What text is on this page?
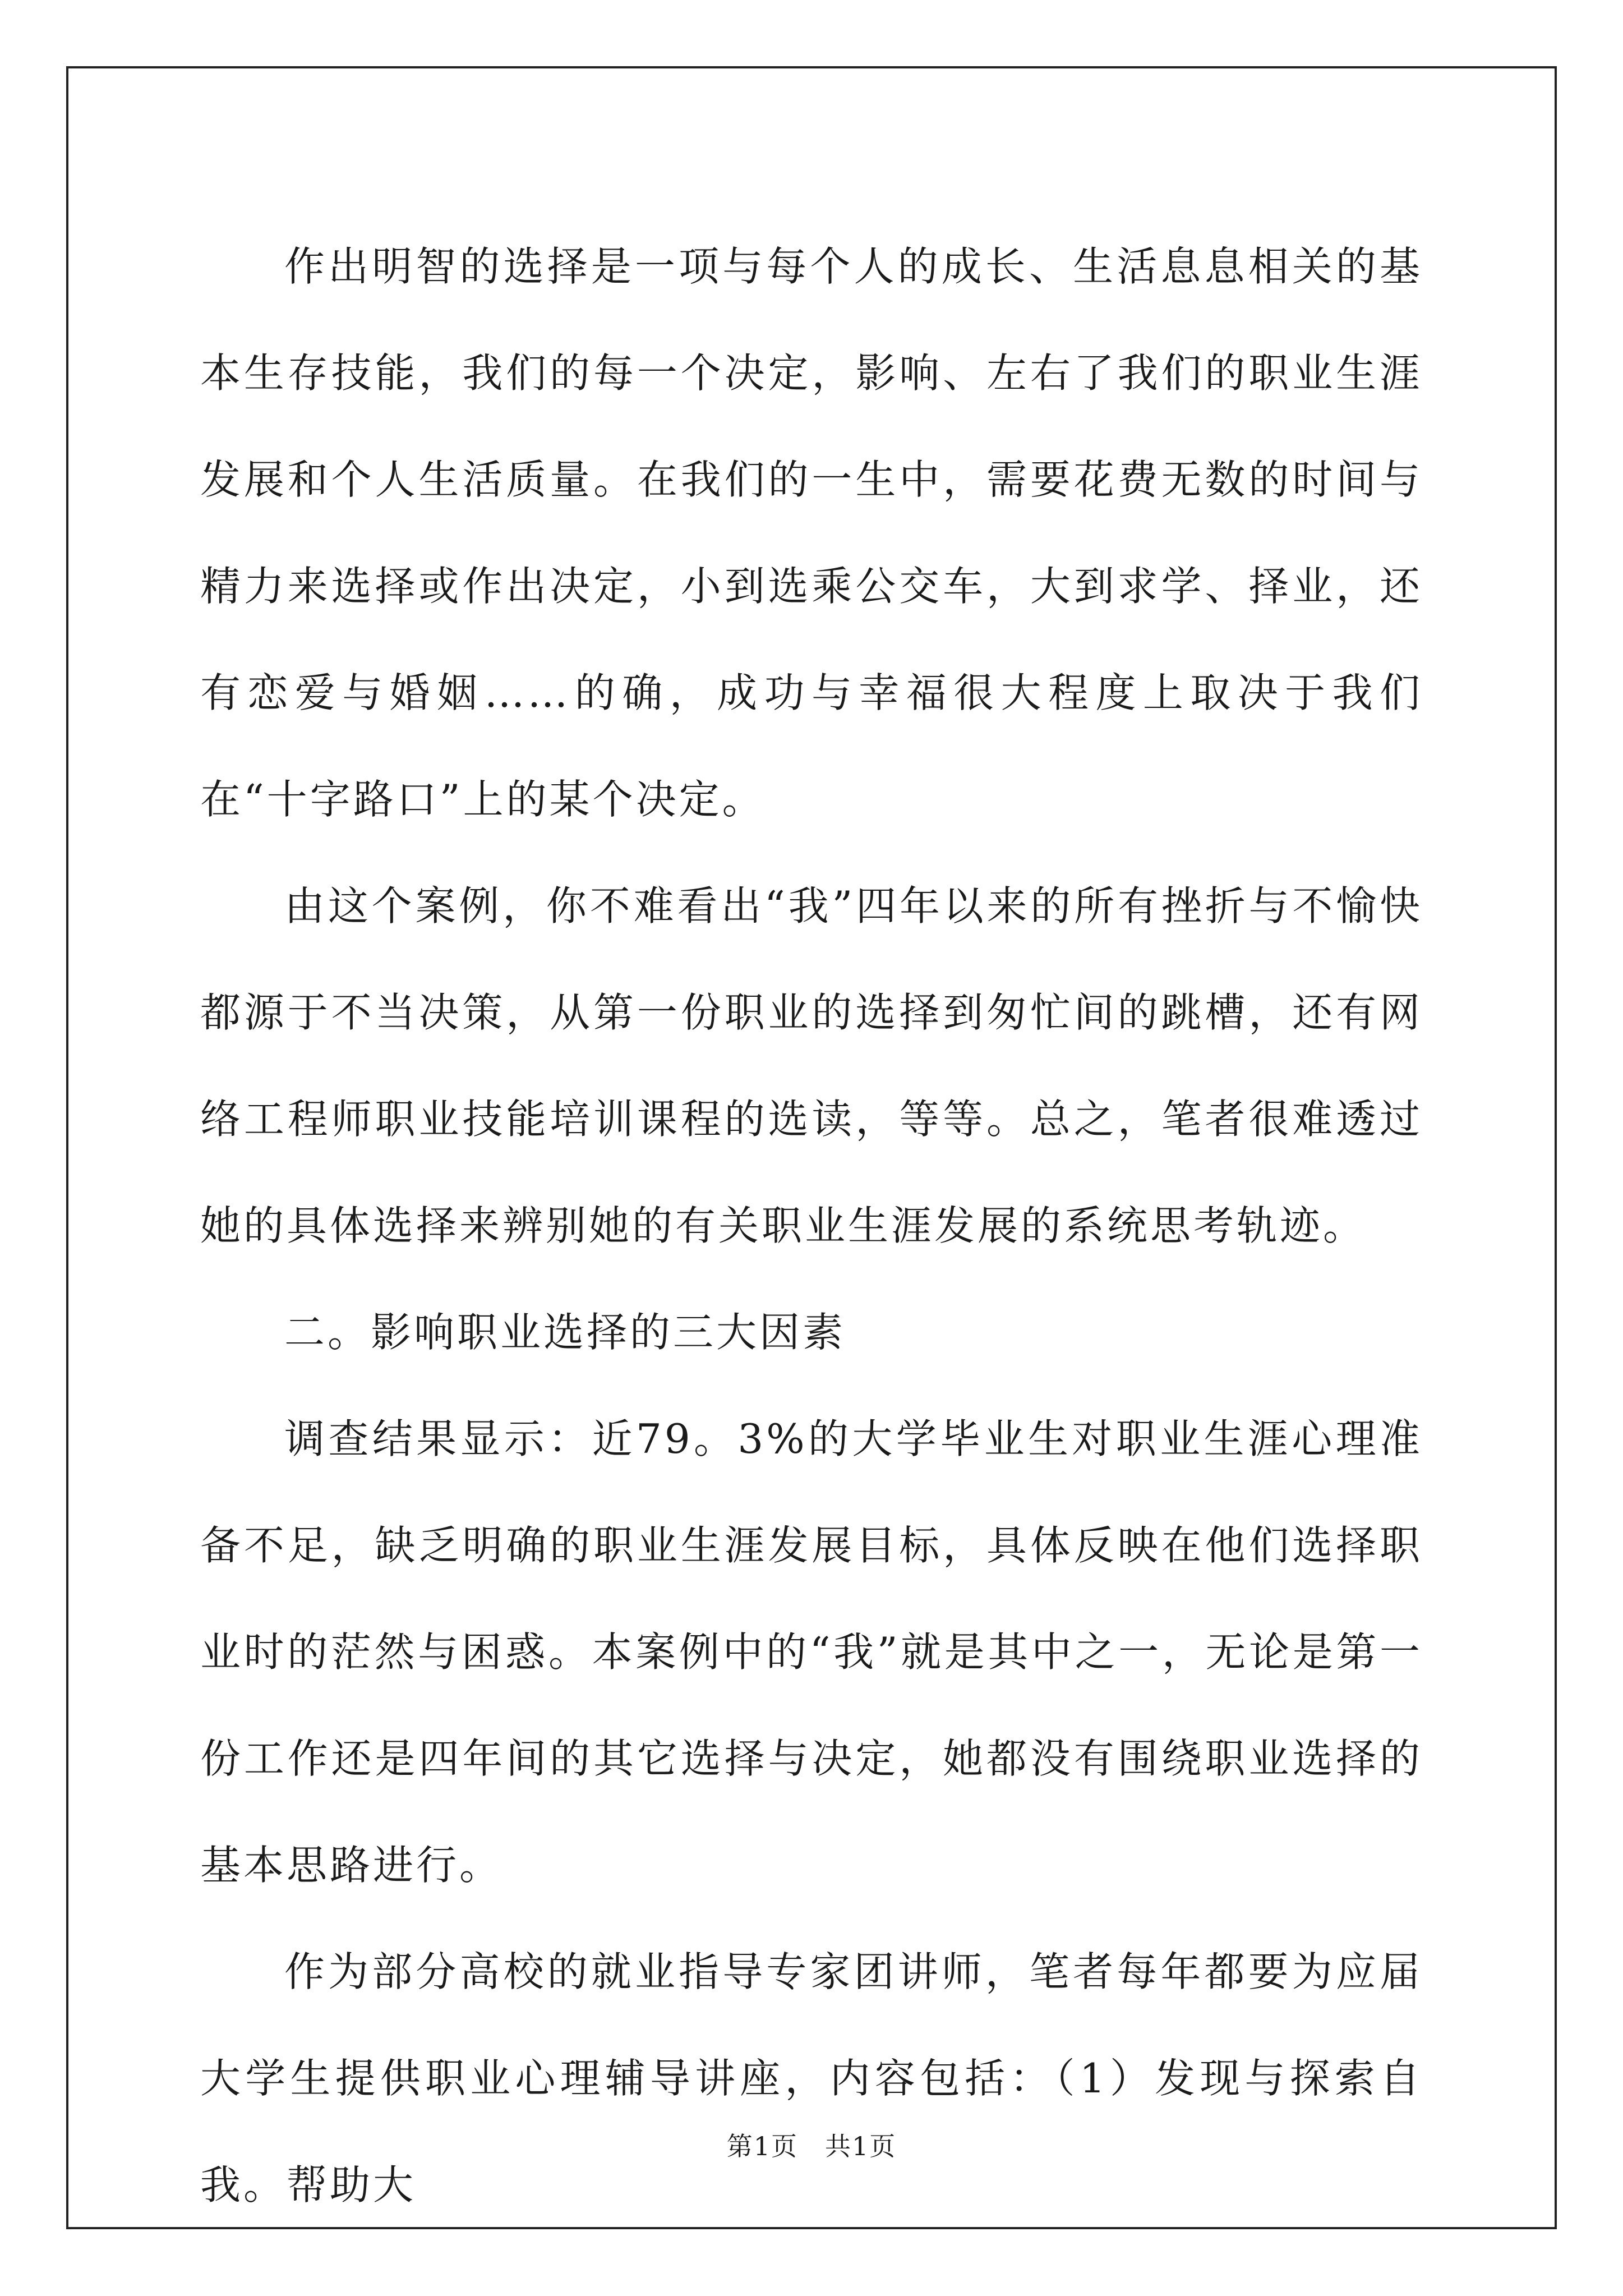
作出明智的选择是一项与每个人的成长、生活息息相关的基本生存技能，我们的每一个决定，影响、左右了我们的职业生涯发展和个人生活质量。在我们的一生中，需要花费无数的时间与精力来选择或作出决定，小到选乘公交车，大到求学、择业，还有恋爱与婚姻……的确，成功与幸福很大程度上取决于我们在“十字路口”上的某个决定。

由这个案例，你不难看出“我”四年以来的所有挫折与不愉快都源于不当决策，从第一份职业的选择到匆忙间的跳槽，还有网络工程师职业技能培训课程的选读，等等。总之，笔者很难透过她的具体选择来辨别她的有关职业生涯发展的系统思考轨迹。

二。影响职业选择的三大因素

调查结果显示：近79。3%的大学毕业生对职业生涯心理准备不足，缺乏明确的职业生涯发展目标，具体反映在他们选择职业时的茫然与困惑。本案例中的“我”就是其中之一，无论是第一份工作还是四年间的其它选择与决定，她都没有围绕职业选择的基本思路进行。

作为部分高校的就业指导专家团讲师，笔者每年都要为应届大学生提供职业心理辅导讲座，内容包括：（1）发现与探索自我。帮助大

第1页　共1页
